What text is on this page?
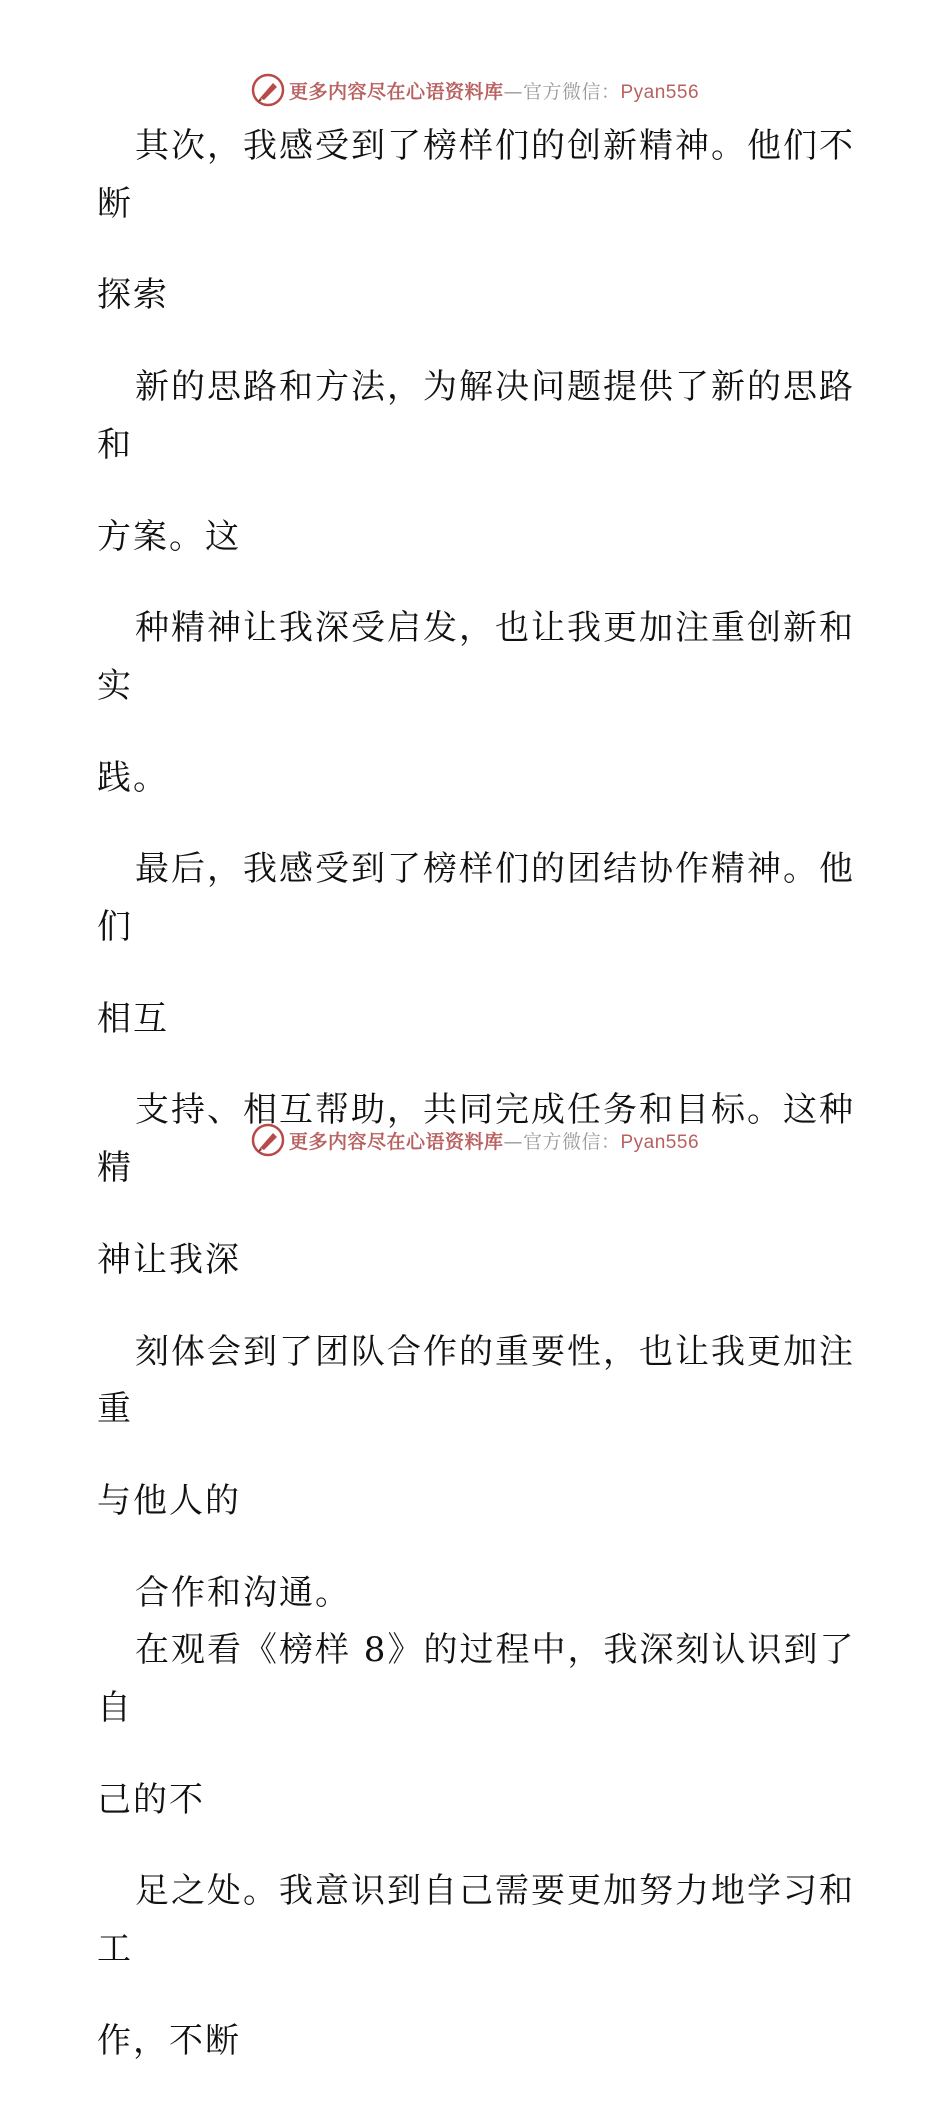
更多内容尽在心语资料库—官方微信：Pyan556

其次，我感受到了榜样们的创新精神。他们不断

探索

新的思路和方法，为解决问题提供了新的思路和

方案。这

种精神让我深受启发，也让我更加注重创新和实

践。

最后，我感受到了榜样们的团结协作精神。他们

相互

支持、相互帮助，共同完成任务和目标。这种精

神让我深

刻体会到了团队合作的重要性，也让我更加注重

与他人的

合作和沟通。

在观看《榜样 8》的过程中，我深刻认识到了自

己的不

足之处。我意识到自己需要更加努力地学习和工

作，不断

更多内容尽在心语资料库—官方微信：Pyan556
